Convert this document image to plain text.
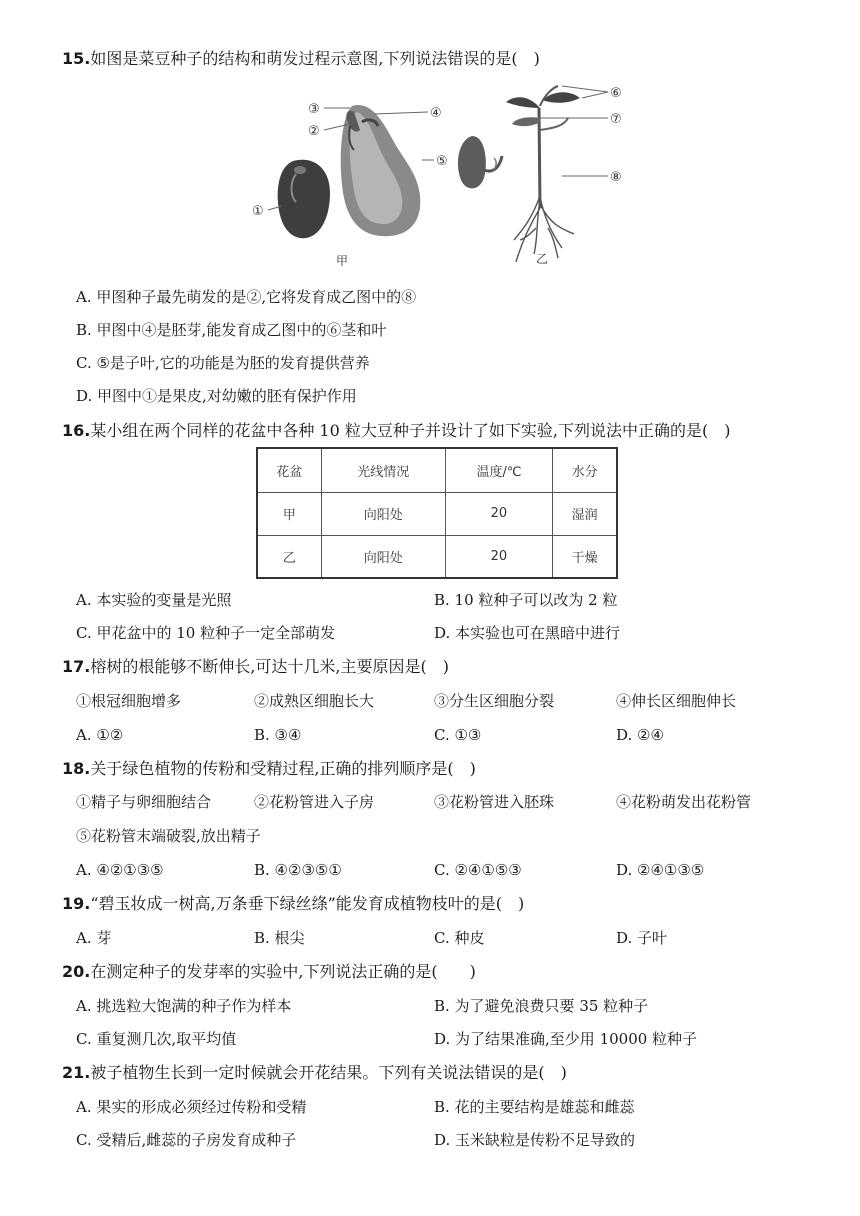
15.如图是菜豆种子的结构和萌发过程示意图,下列说法错误的是(　)
③
②
①
④
⑤
⑥
⑦
⑧
甲	乙
A. 甲图种子最先萌发的是②,它将发育成乙图中的⑧
B. 甲图中④是胚芽,能发育成乙图中的⑥茎和叶
C. ⑤是子叶,它的功能是为胚的发育提供营养
D. 甲图中①是果皮,对幼嫩的胚有保护作用
16.某小组在两个同样的花盆中各种 10 粒大豆种子并设计了如下实验,下列说法中正确的是(　)
花盆	光线情况	温度/℃	水分
甲	向阳处	20	湿润
乙	向阳处	20	干燥
A. 本实验的变量是光照	B. 10 粒种子可以改为 2 粒
C. 甲花盆中的 10 粒种子一定全部萌发	D. 本实验也可在黑暗中进行
17.榕树的根能够不断伸长,可达十几米,主要原因是(　)
①根冠细胞增多	②成熟区细胞长大	③分生区细胞分裂	④伸长区细胞伸长
A. ①②	B. ③④	C. ①③	D. ②④
18.关于绿色植物的传粉和受精过程,正确的排列顺序是(　)
①精子与卵细胞结合	②花粉管进入子房	③花粉管进入胚珠	④花粉萌发出花粉管
⑤花粉管末端破裂,放出精子
A. ④②①③⑤	B. ④②③⑤①	C. ②④①⑤③	D. ②④①③⑤
19.“碧玉妆成一树高,万条垂下绿丝绦”能发育成植物枝叶的是(　)
A. 芽	B. 根尖	C. 种皮	D. 子叶
20.在测定种子的发芽率的实验中,下列说法正确的是(　　)
A. 挑选粒大饱满的种子作为样本	B. 为了避免浪费只要 35 粒种子
C. 重复测几次,取平均值	D. 为了结果准确,至少用 10000 粒种子
21.被子植物生长到一定时候就会开花结果。下列有关说法错误的是(　)
A. 果实的形成必须经过传粉和受精	B. 花的主要结构是雄蕊和雌蕊
C. 受精后,雌蕊的子房发育成种子	D. 玉米缺粒是传粉不足导致的
